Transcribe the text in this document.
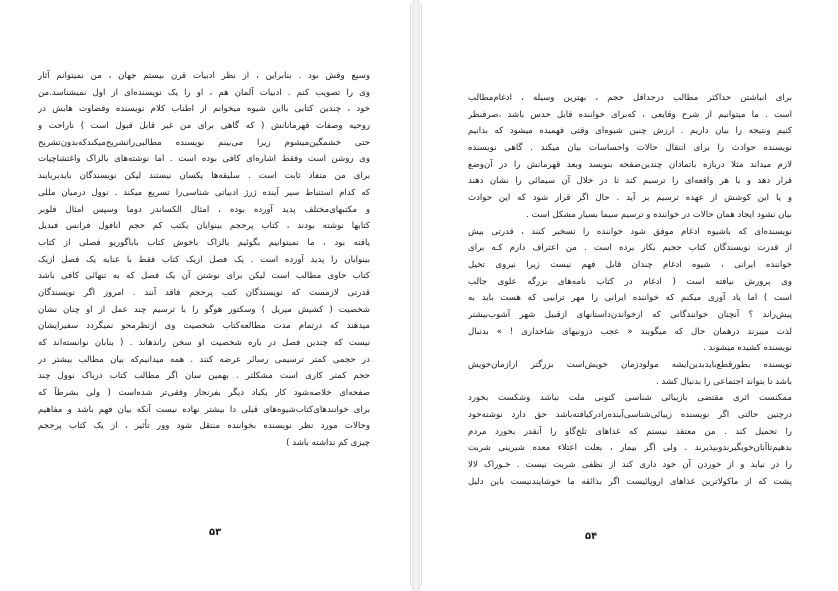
وسیع وقش بود . بنابراین ، از نظر ادبیات قرن بیستم جهان ، من نمیتوانم آثار
وی را تصویب کنم . ادبیات آلمان هم ، او را یک نویسنده‌ای از اول نمیشناسد.من
خود ، چندین کتابی بااین شیوه میخوانم از اطناب کلام نویسنده وقضاوت هایش در
روحیه وصفات قهرمانانش ( که گاهی برای من غیر قابل قبول است ) ناراحت و
حتی خشمگین‌میشوم زیرا می‌بینم نویسنده مطالبی‌را‌تشریح‌میکند‌که‌بدون‌تشریح
وی روشن است وفقط اشاره‌ای کافی بوده است . اما نوشته‌های بالزاک واغتشاچیات
برای من متفاد ثابت است . سلیقه‌ها یکسان نیستند لیکن نویسندگان بایدبربایند
که کدام استنباط سیر آینده ژرژ ادبیاتی شناسی‌را تسریع میکند . نوول درمیان مللی
و مکتبهای‌مختلف پدید آورده بوده ، امثال الکساندر دوما وسپس امثال فلوبر
کتابها نوشته بودند ، کتاب پرحجم بینوایان یکتب کم حجم انافول فرانس فبدیل
یافته بود ، ما نمیتوانیم بگوئیم بالزاک باخوش کتاب باباگوریو فصلی از کتاب
بینوایان را پدید آورده است . یک فصل ازیک کتاب فقط با عنایه یک فصل ازیک
کتاب حاوی مطالب است لیکن برای نوشتن آن یک فصل که به تنهائی کافی باشد
قدرتی لازمست که نویسندگان کتب پرحجم فاقد آنند . امروز اگر نویسندگان
شخصیت ( کشیش میریل ) وسکتور هوگو را با ترسیم چند عمل از او چنان نشان
میدهند که درتمام مدت مطالعه‌کتاب شخصیت وی ازنظرمحو نمیگردد سفیرایشان
نیست که چندین فصل در باره شخصیت او سخن راندهاند . ( بنابان نوانسته‌اند که
در حجمی کمتر ترسیمی رسائر عرضه کنند . همه میدانیم‌که بیان مطالب بیشتر در
حجم کمتر کاری است مشکلتر . بهمین سان اگر مطالب کتاب درباک نوول چند
صفحه‌ای خلاصه‌شود کار یکباد دیگر بفرنجار وفقی‌تر شده‌است ( ولی بشرطآ که
برای خوانندهای‌کتاب‌شیوه‌های قبلی دا بیشتر نهاده نیست آنکه بیان فهم باشد و مفاهیم
وحالات مورد نظر نویسنده بخواننده منتقل شود وور تأثیر ، از یک کتاب پرحجم
چیزی کم نداشته باشد )
۵۳
برای انباشتن حداکثر مطالب درحداقل حجم ، بهترین وسیله ، ادغام‌مطالب
است . ما میتوانیم از شرح وقایعی ، که‌برای خواننده قابل حدس باشد ،صرفنظر
کنیم ونتیجه را بیان داریم . ارزش چنین شیوه‌ای وقتی فهمیده میشود که بدانیم
نویسنده حوادث را برای انتقال حالات واحساسات بیان میکند . گاهی نویسنده
لازم میداند مثلا دربازه باتمادان چندین‌صفحه بنویسد وبعد قهرمانش را در آن‌وضع
قرار دهد و یا هر واقعه‌ای را ترسیم کند تا در خلال آن سیمائی را نشان دهند
و یا این کوشش از عهده ترسیم بر آید . حال اگر قرار شود که این حوادث
بیان نشود ایجاد همان حالات در خواننده و ترسیم سیما بسیار مشکل است .
نویسنده‌ای که باشیوه ادغام موفق شود خواننده را تسخیر کنند ، قدرتی بیش
از قدرت نویسندگان کتاب حجیم بکار برده است . من اعتراف دارم کـه برای
خواننده ایرانی ، شیوه ادغام چندان قابل فهم نیست زیرا نیروی تخیل
وی پرورش نیافته است ( ادغام در کتاب نامه‌های بزرگه علوی جالب
است ) اما یاد آوری میکنم که خواننده ایرانی را مهر ترابیی که هست باید به
پیش‌راند ؟ آنچنان خوانندگانی که ازخواندن‌داستانهای ازقبیل شهر آشوب‌بیشتر
لذت میبرند درهمان حال که میگویند « عجب درونیهای شاخداری ! » بدنبال
نویسنده کشیده میشوند .
نویسنده بطورقطع‌باید‌بدین‌ایشه مولودزمان خویش‌است بزرگتر ازازمان‌خویش
باشد تا بتواند اجتماعی را بدنبال کشد .
ممکنست اثری مقتضی بازیبائی شناسی کنونی ملت نباشد وشکست بخورد
درچنین حالتی اگر نویسنده زیبائی‌شناسی‌آینده‌را‌درکیافته‌باشد حق دارد نوشته‌خود
را تحمیل کند . من معتقد نیستم که غذا‌های تلخ‌گاو را آنقدر بخورد مردم
بدهیم‌تاآنان‌خو‌بگیرند‌وبپذیرند . ولی اگر بیمار ، بعلت اعتلاء معده شیرینی شربت
را در نیابد و از خوردن آن خود داری کند از نظفی شربت نیست . خـوراک لالا
پشت که از ماکولاترین غذاهای اروپائیست اگر بذائقه ما خوشایندنیست باین دلیل
۵۴
